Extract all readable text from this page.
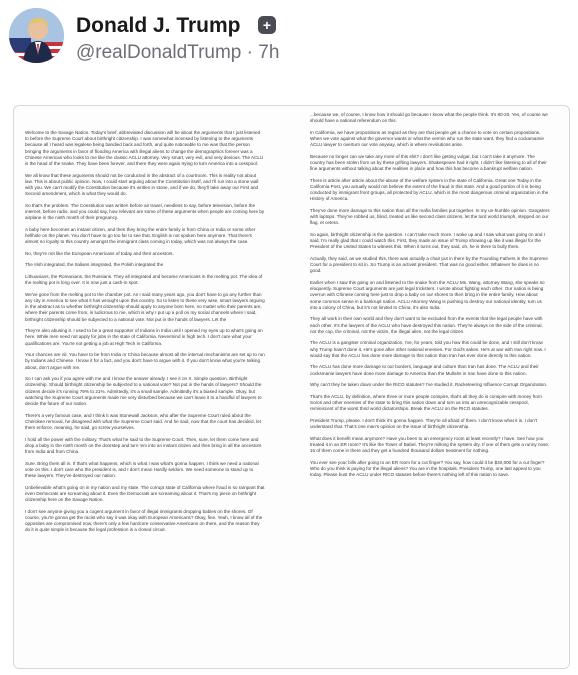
Donald J. Trump	+
@realDonaldTrump · 7h

Welcome to the Savage Nation. Today's brief, abbreviated discussion will be about the arguments that I just listened to before the Supreme Court about birthright citizenship. I was somewhat incensed by listening to the arguments because all I heard was legalese being bandied back and forth, and quite noticeable to me was that the person bringing the arguments in favor of flooding America with illegal aliens to change the demographics forever was a Chinese American who looks to me like the classic ACLU attorney. Very smart, very evil, and very devious. The ACLU is the head of the snake. They have been forever, and there they were again trying to turn America into a cesspool.

We all know that these arguments should not be conducted in the abstract of a courtroom. This is reality not about law. This is about public opinion. Now, I could start arguing about the Constitution itself, and I'll run into a stone wall with you. We can't modify the Constitution because it's written in stone, and if we do, they'll take away our First and Second amendment, which is what they would do.

So that's the problem. The Constitution was written before air travel, needless to say, before television, before the internet, before radio, and you could say, how relevant are some of these arguments when people are coming here by airplane in the ninth month of their pregnancy.

A baby here becomes an instant citizen, and then they bring the entire family in from China or India or some other hellhole on the planet. You don't have to go too far to see that. English is not spoken here anymore. That there's almost no loyalty to this country amongst the immigrant class coming in today, which was not always the case.

No, they're not like the European Americans of today and their ancestors.

The Irish integrated, the Italians integrated, the Polish integrated the

Lithuanians, the Romanians, the Russians. They all integrated and became Americans in the melting pot. The idea of the melting pot is long over. It is now just a cash-in spot.

We've gone from the melting pot to the chamber pot. As I said many years ago, you don't have to go any further than any city in America to see what it has wrought upon this country. So to listen to these very wise, smart lawyers arguing in the abstract as to whether birthright citizenship should apply to anyone born here, no matter who their parents are, where their parents come from, is ludicrous to me, which is why I put up a poll on my social channels where I said, birthright citizenship should be subjected to a national vote. Not put in the hands of lawyers. Let the

They're also abusing it. I used to be a great supporter of Indians in India until I opened my eyes up to what's going on here. While men need not apply for jobs in the state of California. Nevermind in high tech. I don't care what your qualifications are. You're not getting a job at High Tech in California.

Your chances are nil. You have to be from India or China because almost all the internal mechanisms are set up to run by Indians and Chinese. I know it for a fact, and you don't have to argue with it. If you don't know what you're talking about, don't argue with me.

So I can ask you if you agree with me and I know the answer already. I see it on X. Simple question. Birthright citizenship. Should birthright citizenship be subjected to a national vote? Not put in the hands of lawyers? Should the citizens decide it's running 79% to 21%. Admittedly, it's a small sample. Admittedly it's a biased sample. Okay, but watching the Supreme Court arguments made me very disturbed because we can't leave it to a handful of lawyers to decide the future of our nation.

There's a very famous case, and I think it was Stonewall Jackson, who after the Supreme Court ruled about the Cherokee removal, he disagreed with what the Supreme Court said. And he said, now that the court has decided, let them enforce, meaning, he said, go screw yourselves.

I hold all the power with the military. That's what he said to the Supreme Court. Then, sure, let them come here and drop a baby in the ninth month on the doorstep and turn 'em into an instant citizen and then bring in all the ancestors from India and from China.

Sure. Bring them all in. If that's what happens, which is what I was what's gonna happen. I think we need a national vote on this. I don't care who the president is, and I don't mean Hardly seldom. We need someone to stand up to these lawyers. They've destroyed our nation.

Unbelievable what's going on in my nation and my state. The corrupt state of California where fraud is so rampant that even Democrats are screaming about it. Even the Democrats are screaming about it. That's my piece on birthright citizenship here on the Savage Nation.

I don't see anyone giving you a cogent argument in favor of illegal immigrants dropping babies on the shores. Of course, you're gonna get the racist who say it was okay with European Americans? Okay, fine. Yeah, I know all of the opposites are compromised now, there's only a few hardcore conservative Americans on there, and the reason they do it is quite simple is because the legal profession is a closed circuit.

...because we, of course, I know how it should go because I know what the people think. It's 80-20. Yes, of course we should have a national referendum on this.

In California, we have propositions as regard as they are that people get a chance to vote on certain propositions. When we vote against what the governor wants or what the vermin who run the state want, they find a cockamamie ACLU lawyer to overturn our vote anyway, which is where revolutions arise.

Because no longer can we take any more of this shit? I don't like getting vulgar, but I can't take it anymore. The country has been stolen from us by these grifting lawyers. Shakespeare had it right. I didn't like listening to all of their fine arguments without talking about the realities in place and how this has become a bankrupt welfare nation.

There is article after article about the abuse of the welfare system in the state of California. Great one Today in the California Post, you actually would not believe the extent of the fraud in this state. And a good portion of it is being conducted by immigrant front groups, all protected by ACLU, which is the most dangerous criminal organization in the History of America.

They've done more damage to this nation than all the mafia families put together. In my un-humble opinion. Gangsters with laptops. They've robbed us, blind, treated us like second class citizens, let the turd world triumph, stepped on our flag, et cetera.

So again, birthright citizenship is the question. I can't take much more. I woke up and I saw what was going on and I said, I'm really glad that I could watch this. First, they made an issue of Trump showing up like it was illegal for the President of the United States to witness this. When it turns out, they said, oh, he is there to bully them.

Actually, they said, as we studied this, there was actually a chair put in there by the Founding Fathers in the Supreme Court for a president to sit in. So Trump is an activist president. That was no good either. Whatever he does is no good.

Earlier when I saw this going on and listened to the snake from the ACLU Ms. Wang, attorney Wang, she speaks so eloquently. Supreme Court arguments are just legal tricksters. I wrote about fighting each other. Our nation is being overrun with Chinese coming here just to drop a baby on our shores to then bring in the entire family. How about some common sense in a bankrupt nation. ACLU Attorney Wang is pushing to destroy our national identity, turn us into a colony of China, but it's not limited to China, it's also India.

They all work in their own world and they don't want to be excluded from the events that the legal people have with each other. It's the lawyers of the ACLU who have destroyed this nation. They're always on the side of the criminal, not the cop, the criminal, not the victim, the illegal alien, not the legal citizen.

The ACLU is a gangster criminal organization. I've, for years, told you how this could be done, and I still don't know why Trump hasn't done it. He's gone after other national enemies. For God's sakes. He's at war with Iran right now. I would say that the ACLU has done more damage to this nation than Iran has ever done directly to this nation.

The ACLU has done more damage to our borders, language and culture than Iran has done. The ACLU and their cocksmanie lawyers have done more damage to America than the Mullahs in Iran have done to this nation.

Why can't they be taken down under the RICO statutes? I've studied it. Racketeering Influence Corrupt Organization.

That's the ACLU, by definition, where three or more people conspire, that's all they do is conspire with money from Soros and other enemies of the state to bring this nation down and turn us into an unrecognizable cesspool, reminiscent of the worst third world dictatorships. Break the ACLU on the RICO statutes.

President Trump, please. I don't think it's gonna happen. They're all afraid of them. I don't know what it is. I don't understand that. That's one man's opinion on the issue of birthright citizenship.

What does it benefit mean anymore? Have you been to an emergency room at least recently? I have. See how you treated it in an ER room? It's like the Tower of Babel. They're milking the system dry. If one of them gets a runny nose, 15 of them come in there and they get a hundred thousand dollars treatment for nothing.

You ever see your bills after going to an ER room for a cut finger? You say, how could it be $30,000 for a cut finger? Who do you think is paying for the illegal aliens? You are in the hospitals. President Trump, one last appeal to you today. Please bust the ACLU under RICO statutes before there's nothing left of this nation to save.
